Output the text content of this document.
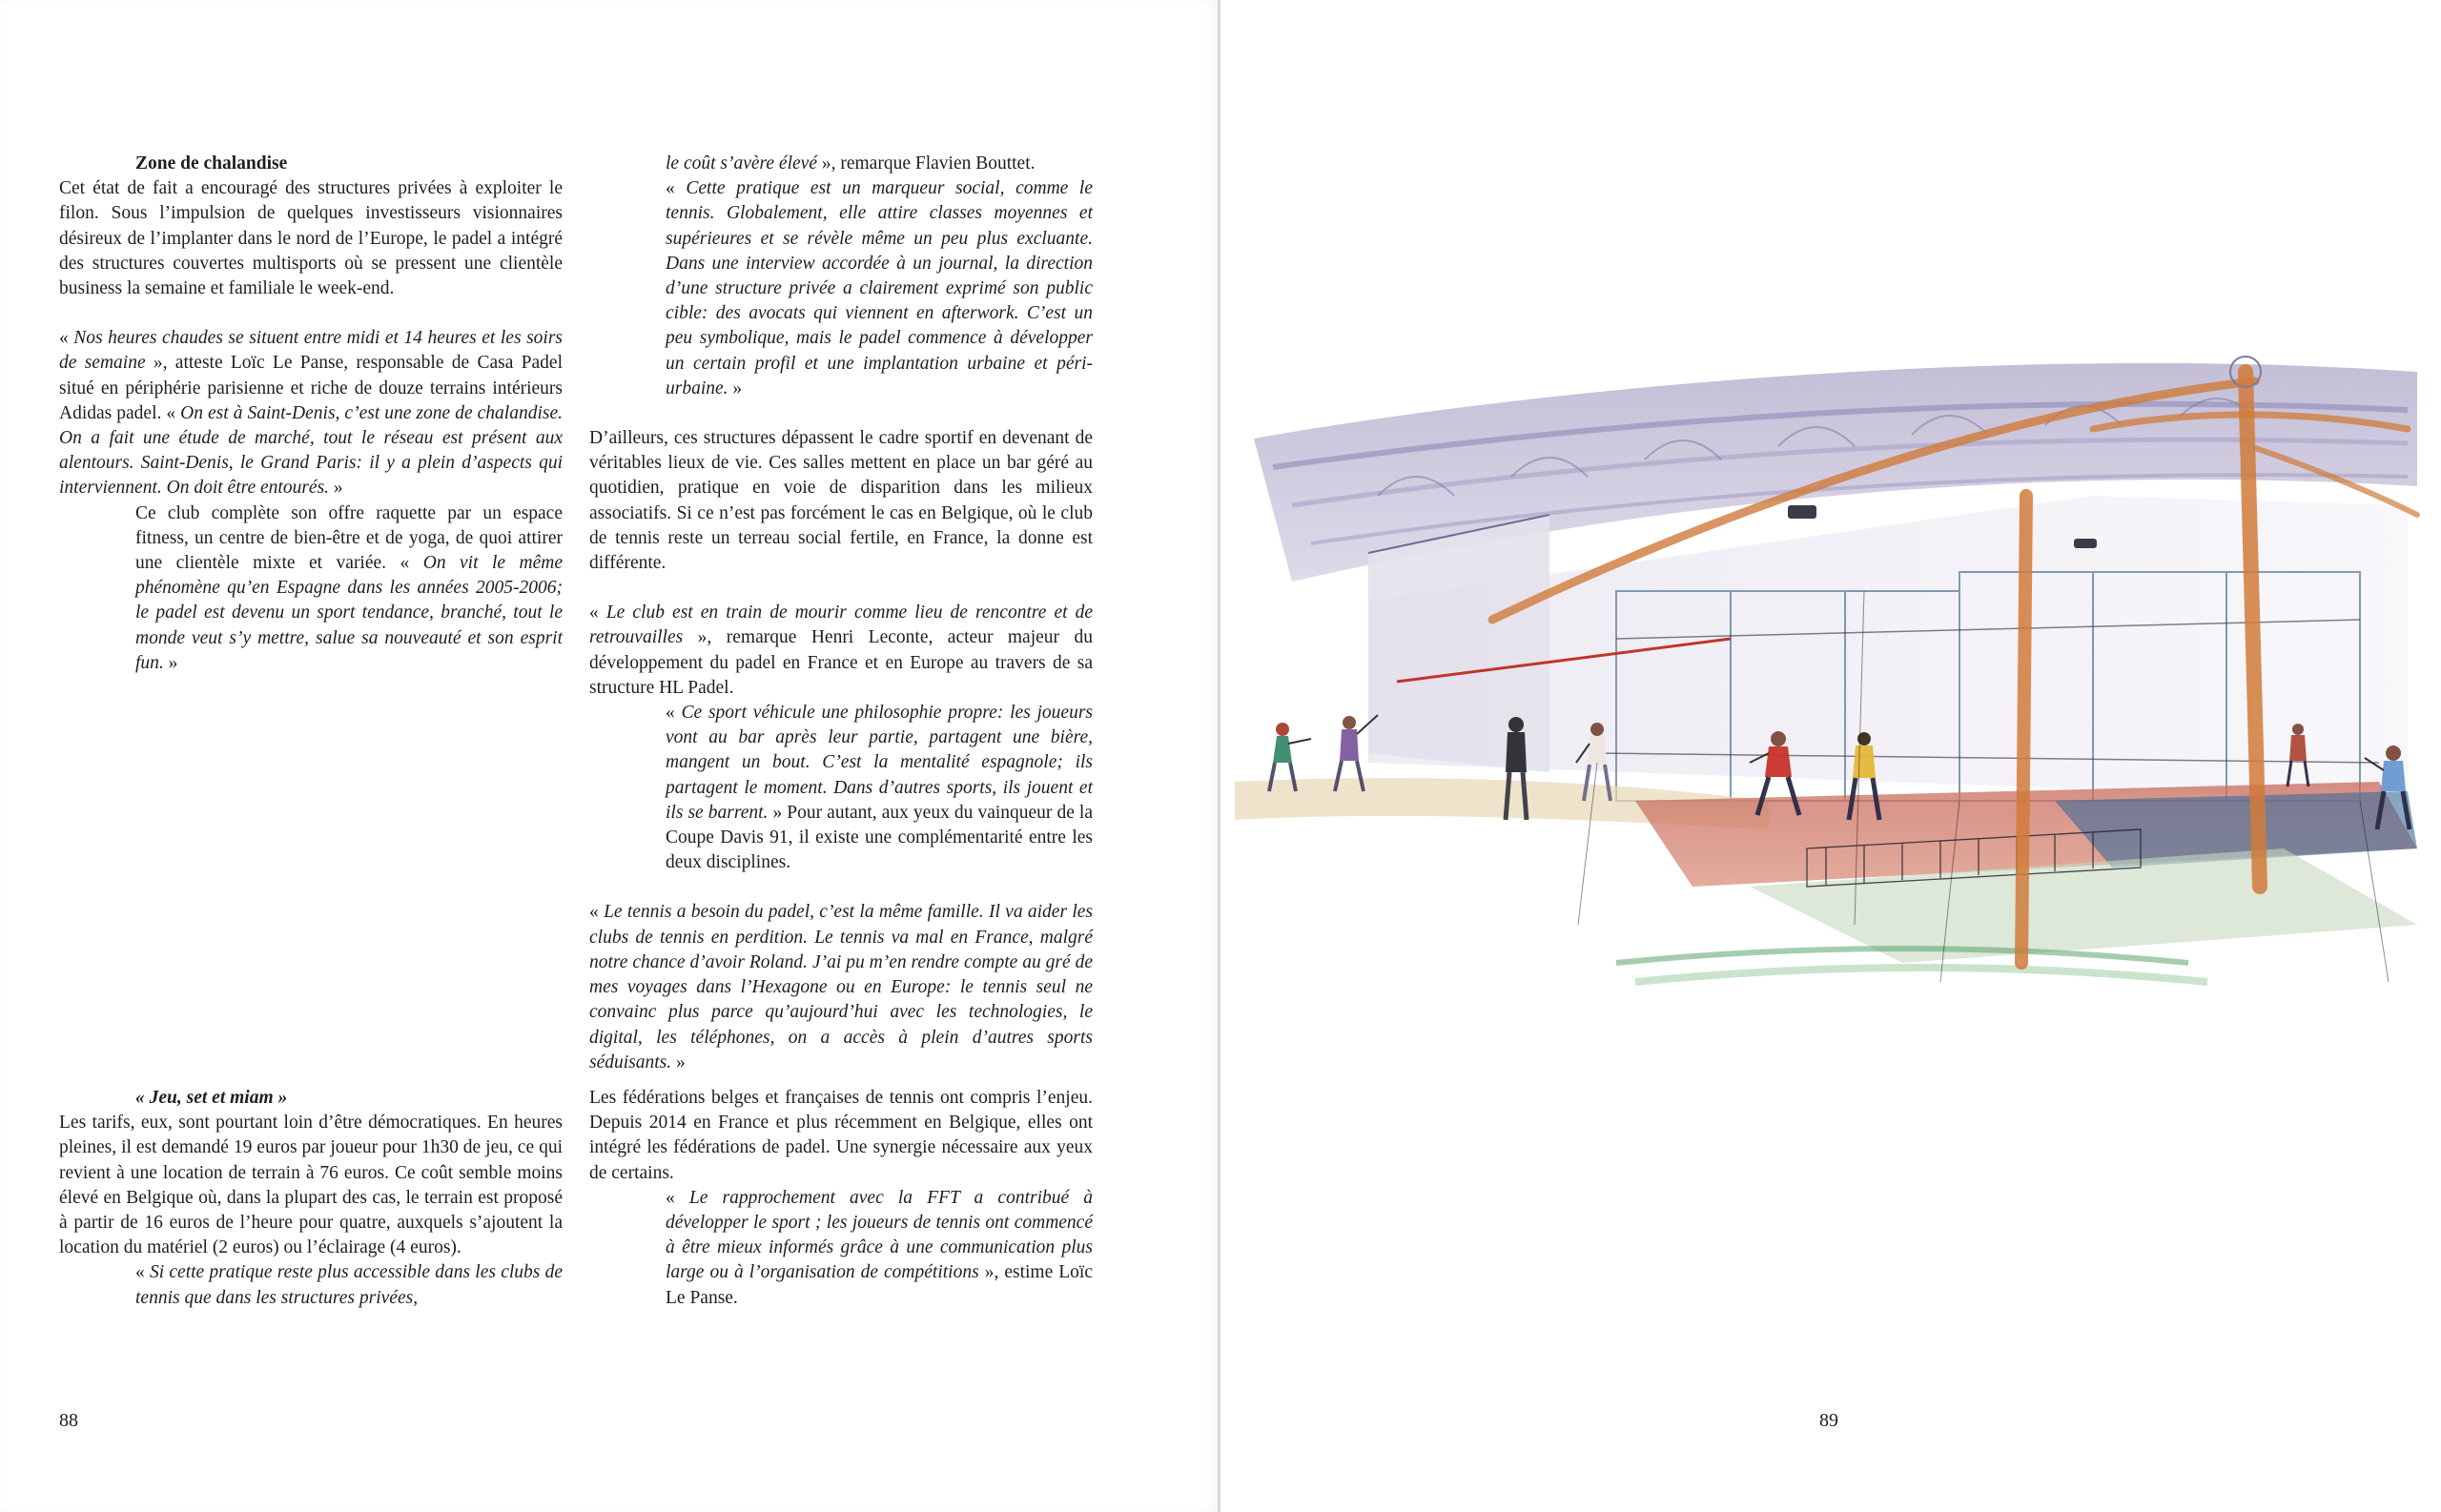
Zone de chalandise

Cet état de fait a encouragé des structures privées à exploiter le filon. Sous l’impulsion de quelques investisseurs visionnaires désireux de l’implanter dans le nord de l’Europe, le padel a intégré des structures couvertes multisports où se pressent une clientèle business la semaine et familiale le week-end.

« Nos heures chaudes se situent entre midi et 14 heures et les soirs de semaine », atteste Loïc Le Panse, responsable de Casa Padel situé en périphérie parisienne et riche de douze terrains intérieurs Adidas padel. « On est à Saint-Denis, c’est une zone de chalandise. On a fait une étude de marché, tout le réseau est présent aux alentours. Saint-Denis, le Grand Paris: il y a plein d’aspects qui interviennent. On doit être entourés. »

Ce club complète son offre raquette par un espace fitness, un centre de bien-être et de yoga, de quoi attirer une clientèle mixte et variée. « On vit le même phénomène qu’en Espagne dans les années 2005-2006; le padel est devenu un sport tendance, branché, tout le monde veut s’y mettre, salue sa nouveauté et son esprit fun. »

« Jeu, set et miam »

Les tarifs, eux, sont pourtant loin d’être démocratiques. En heures pleines, il est demandé 19 euros par joueur pour 1h30 de jeu, ce qui revient à une location de terrain à 76 euros. Ce coût semble moins élevé en Belgique où, dans la plupart des cas, le terrain est proposé à partir de 16 euros de l’heure pour quatre, auxquels s’ajoutent la location du matériel (2 euros) ou l’éclairage (4 euros).

« Si cette pratique reste plus accessible dans les clubs de tennis que dans les structures privées,

le coût s’avère élevé », remarque Flavien Bouttet.

« Cette pratique est un marqueur social, comme le tennis. Globalement, elle attire classes moyennes et supérieures et se révèle même un peu plus excluante. Dans une interview accordée à un journal, la direction d’une structure privée a clairement exprimé son public cible: des avocats qui viennent en afterwork. C’est un peu symbolique, mais le padel commence à développer un certain profil et une implantation urbaine et péri-urbaine. »

D’ailleurs, ces structures dépassent le cadre sportif en devenant de véritables lieux de vie. Ces salles mettent en place un bar géré au quotidien, pratique en voie de disparition dans les milieux associatifs. Si ce n’est pas forcément le cas en Belgique, où le club de tennis reste un terreau social fertile, en France, la donne est différente.

« Le club est en train de mourir comme lieu de rencontre et de retrouvailles », remarque Henri Leconte, acteur majeur du développement du padel en France et en Europe au travers de sa structure HL Padel.

« Ce sport véhicule une philosophie propre: les joueurs vont au bar après leur partie, partagent une bière, mangent un bout. C’est la mentalité espagnole; ils partagent le moment. Dans d’autres sports, ils jouent et ils se barrent. » Pour autant, aux yeux du vainqueur de la Coupe Davis 91, il existe une complémentarité entre les deux disciplines.

« Le tennis a besoin du padel, c’est la même famille. Il va aider les clubs de tennis en perdition. Le tennis va mal en France, malgré notre chance d’avoir Roland. J’ai pu m’en rendre compte au gré de mes voyages dans l’Hexagone ou en Europe: le tennis seul ne convainc plus parce qu’aujourd’hui avec les technologies, le digital, les téléphones, on a accès à plein d’autres sports séduisants. »

Les fédérations belges et françaises de tennis ont compris l’enjeu. Depuis 2014 en France et plus récemment en Belgique, elles ont intégré les fédérations de padel. Une synergie nécessaire aux yeux de certains.

« Le rapprochement avec la FFT a contribué à développer le sport ; les joueurs de tennis ont commencé à être mieux informés grâce à une communication plus large ou à l’organisation de compétitions », estime Loïc Le Panse.

88	89
